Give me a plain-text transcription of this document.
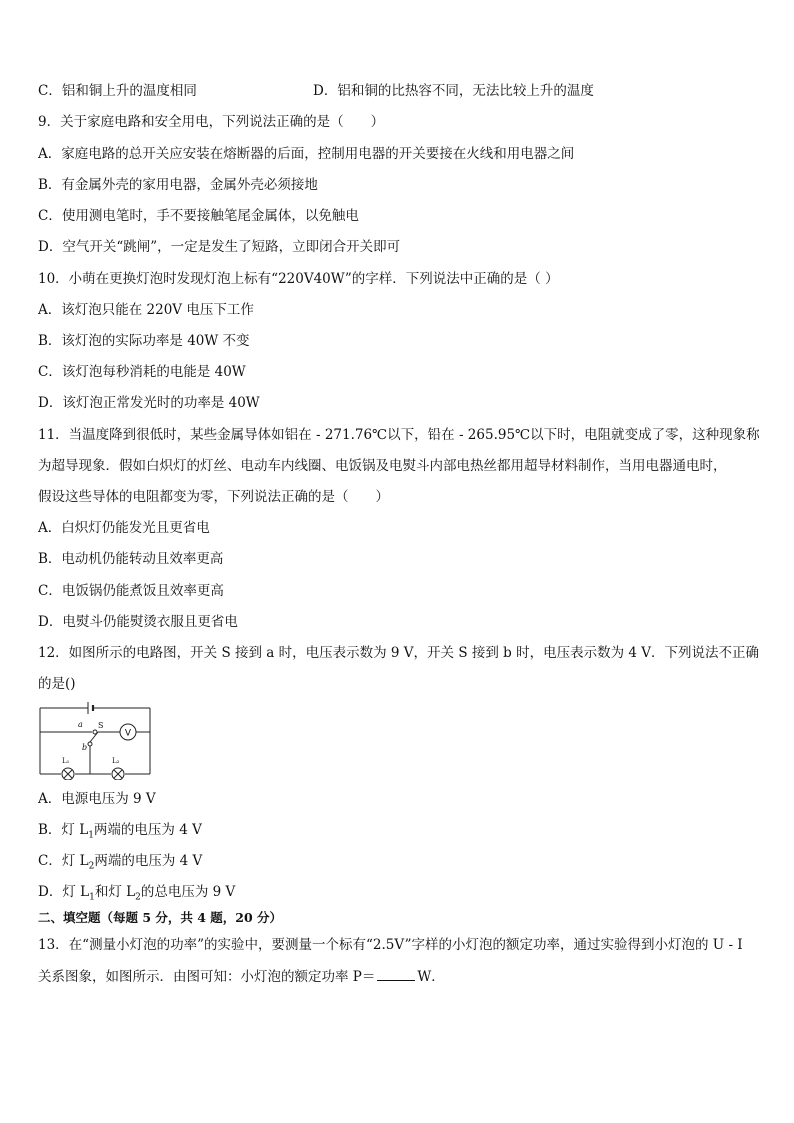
C．铝和铜上升的温度相同	D．铝和铜的比热容不同，无法比较上升的温度
9．关于家庭电路和安全用电，下列说法正确的是（　　）
A．家庭电路的总开关应安装在熔断器的后面，控制用电器的开关要接在火线和用电器之间
B．有金属外壳的家用电器，金属外壳必须接地
C．使用测电笔时，手不要接触笔尾金属体，以免触电
D．空气开关“跳闸”，一定是发生了短路，立即闭合开关即可
10．小萌在更换灯泡时发现灯泡上标有“220V40W”的字样．下列说法中正确的是（ ）
A．该灯泡只能在 220V 电压下工作
B．该灯泡的实际功率是 40W 不变
C．该灯泡每秒消耗的电能是 40W
D．该灯泡正常发光时的功率是 40W
11．当温度降到很低时，某些金属导体如铝在 - 271.76℃以下，铅在 - 265.95℃以下时，电阻就变成了零，这种现象称
为超导现象．假如白炽灯的灯丝、电动车内线圈、电饭锅及电熨斗内部电热丝都用超导材料制作，当用电器通电时，
假设这些导体的电阻都变为零，下列说法正确的是（　　）
A．白炽灯仍能发光且更省电
B．电动机仍能转动且效率更高
C．电饭锅仍能煮饭且效率更高
D．电熨斗仍能熨烫衣服且更省电
12．如图所示的电路图，开关 S 接到 a 时，电压表示数为 9 V，开关 S 接到 b 时，电压表示数为 4 V．下列说法不正确
的是()
V
a
b
S
L₁	L₂
A．电源电压为 9 V
B．灯 $L_1$两端的电压为 4 V
C．灯 $L_2$两端的电压为 4 V
D．灯 $L_1$和灯 $L_2$的总电压为 9 V
二、填空题（每题 5 分，共 4 题，20 分）
13．在“测量小灯泡的功率”的实验中，要测量一个标有“2.5V”字样的小灯泡的额定功率，通过实验得到小灯泡的 U - I
关系图象，如图所示．由图可知：小灯泡的额定功率 P＝	W．
